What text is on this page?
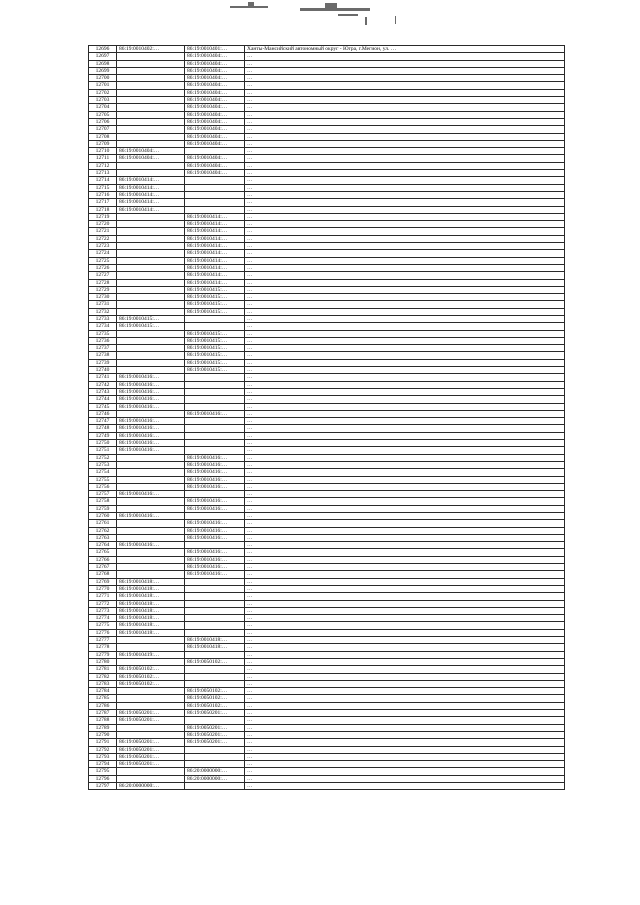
12696	86:19:0010402:…	86:19:0010401:…	Ханты-Мансийский автономный округ - Югра, г.Мегион, ул. …
12697		86:19:0010404:…	…
12698		86:19:0010404:…	…
12699		86:19:0010404:…	…
12700		86:19:0010404:…	…
12701		86:19:0010404:…	…
12702		86:19:0010404:…	…
12703		86:19:0010404:…	…
12704		86:19:0010404:…	…
12705		86:19:0010404:…	…
12706		86:19:0010404:…	…
12707		86:19:0010404:…	…
12708		86:19:0010404:…	…
12709		86:19:0010404:…	…
12710	86:19:0010404:…		…
12711	86:19:0010404:…	86:19:0010404:…	…
12712		86:19:0010404:…	…
12713		86:19:0010404:…	…
12714	86:19:0010414:…		…
12715	86:19:0010414:…		…
12716	86:19:0010414:…		…
12717	86:19:0010414:…		…
12718	86:19:0010414:…		…
12719		86:19:0010414:…	…
12720		86:19:0010414:…	…
12721		86:19:0010414:…	…
12722		86:19:0010414:…	…
12723		86:19:0010414:…	…
12724		86:19:0010414:…	…
12725		86:19:0010414:…	…
12726		86:19:0010414:…	…
12727		86:19:0010414:…	…
12728		86:19:0010414:…	…
12729		86:19:0010415:…	…
12730		86:19:0010415:…	…
12731		86:19:0010415:…	…
12732		86:19:0010415:…	…
12733	86:19:0010415:…		…
12734	86:19:0010415:…		…
12735		86:19:0010415:…	…
12736		86:19:0010415:…	…
12737		86:19:0010415:…	…
12738		86:19:0010415:…	…
12739		86:19:0010415:…	…
12740		86:19:0010415:…	…
12741	86:19:0010416:…		…
12742	86:19:0010416:…		…
12743	86:19:0010416:…		…
12744	86:19:0010416:…		…
12745	86:19:0010416:…		…
12746		86:19:0010416:…	…
12747	86:19:0010416:…		…
12748	86:19:0010416:…		…
12749	86:19:0010416:…		…
12750	86:19:0010416:…		…
12751	86:19:0010416:…		…
12752		86:19:0010416:…	…
12753		86:19:0010416:…	…
12754		86:19:0010416:…	…
12755		86:19:0010416:…	…
12756		86:19:0010416:…	…
12757	86:19:0010416:…		…
12758		86:19:0010416:…	…
12759		86:19:0010416:…	…
12760	86:19:0010416:…		…
12761		86:19:0010416:…	…
12762		86:19:0010416:…	…
12763		86:19:0010416:…	…
12764	86:19:0010416:…		…
12765		86:19:0010416:…	…
12766		86:19:0010416:…	…
12767		86:19:0010416:…	…
12768		86:19:0010416:…	…
12769	86:19:0010418:…		…
12770	86:19:0010418:…		…
12771	86:19:0010418:…		…
12772	86:19:0010418:…		…
12773	86:19:0010418:…		…
12774	86:19:0010418:…		…
12775	86:19:0010418:…		…
12776	86:19:0010418:…		…
12777		86:19:0010418:…	…
12778		86:19:0010418:…	…
12779	86:19:0010419:…		…
12780		86:19:0050102:…	…
12781	86:19:0050102:…		…
12782	86:19:0050102:…		…
12783	86:19:0050102:…		…
12784		86:19:0050102:…	…
12785		86:19:0050102:…	…
12786		86:19:0050102:…	…
12787	86:19:0050201:…	86:19:0050201:…	…
12788	86:19:0050201:…		…
12789		86:19:0050201:…	…
12790		86:19:0050201:…	…
12791	86:19:0050201:…	86:19:0050201:…	…
12792	86:19:0050201:…		…
12793	86:19:0050201:…		…
12794	86:19:0050201:…		…
12795		86:20:0000000:…	…
12796		86:20:0000000:…	…
12797	86:20:0000000:…		…
